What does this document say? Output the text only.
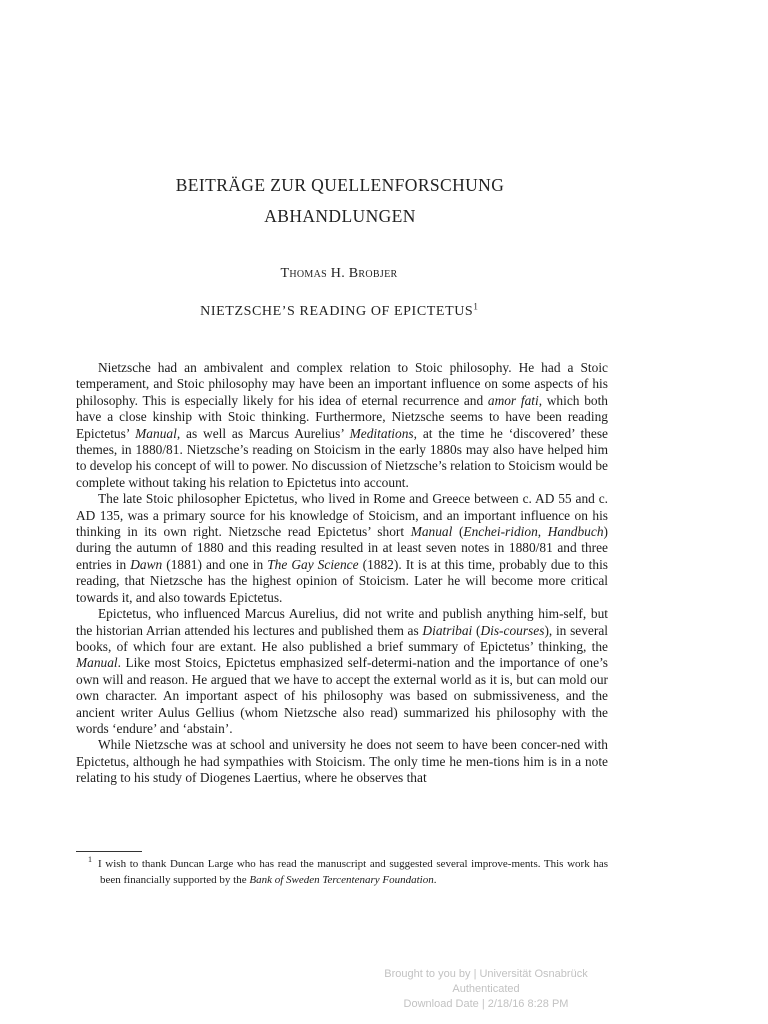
BEITRÄGE ZUR QUELLENFORSCHUNG
ABHANDLUNGEN
Thomas H. Brobjer
NIETZSCHE’S READING OF EPICTETUS$^1$

Nietzsche had an ambivalent and complex relation to Stoic philosophy. He had a Stoic temperament, and Stoic philosophy may have been an important influence on some aspects of his philosophy. This is especially likely for his idea of eternal recurrence and amor fati, which both have a close kinship with Stoic thinking. Furthermore, Nietzsche seems to have been reading Epictetus’ Manual, as well as Marcus Aurelius’ Meditations, at the time he ‘discovered’ these themes, in 1880/81. Nietzsche’s reading on Stoicism in the early 1880s may also have helped him to develop his concept of will to power. No discussion of Nietzsche’s relation to Stoicism would be complete without taking his relation to Epictetus into account.

The late Stoic philosopher Epictetus, who lived in Rome and Greece between c. AD 55 and c. AD 135, was a primary source for his knowledge of Stoicism, and an important influence on his thinking in its own right. Nietzsche read Epictetus’ short Manual (Enchei-ridion, Handbuch) during the autumn of 1880 and this reading resulted in at least seven notes in 1880/81 and three entries in Dawn (1881) and one in The Gay Science (1882). It is at this time, probably due to this reading, that Nietzsche has the highest opinion of Stoicism. Later he will become more critical towards it, and also towards Epictetus.

Epictetus, who influenced Marcus Aurelius, did not write and publish anything him-self, but the historian Arrian attended his lectures and published them as Diatribai (Dis-courses), in several books, of which four are extant. He also published a brief summary of Epictetus’ thinking, the Manual. Like most Stoics, Epictetus emphasized self-determi-nation and the importance of one’s own will and reason. He argued that we have to accept the external world as it is, but can mold our own character. An important aspect of his philosophy was based on submissiveness, and the ancient writer Aulus Gellius (whom Nietzsche also read) summarized his philosophy with the words ‘endure’ and ‘abstain’.

While Nietzsche was at school and university he does not seem to have been concer-ned with Epictetus, although he had sympathies with Stoicism. The only time he men-tions him is in a note relating to his study of Diogenes Laertius, where he observes that

$^1$ I wish to thank Duncan Large who has read the manuscript and suggested several improve-ments. This work has been financially supported by the Bank of Sweden Tercentenary Foundation.
Brought to you by | Universität Osnabrück
Authenticated
Download Date | 2/18/16 8:28 PM
